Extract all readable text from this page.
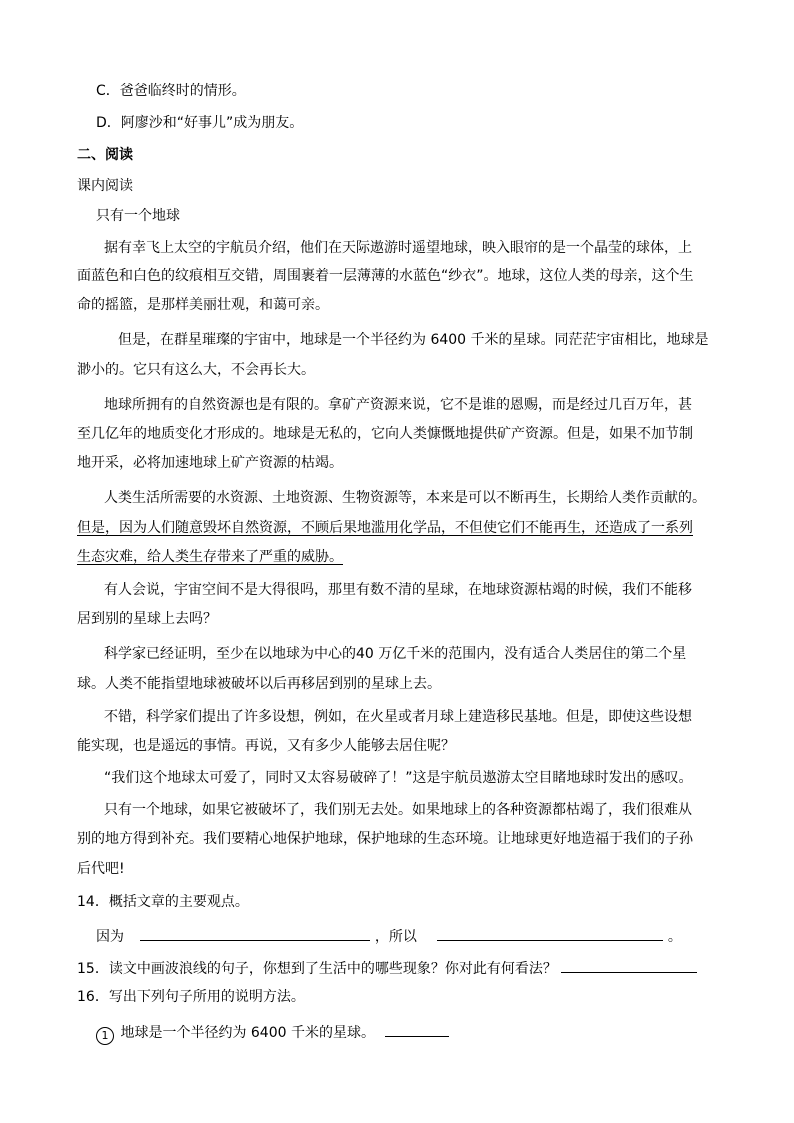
C．爸爸临终时的情形。
D．阿廖沙和“好事儿”成为朋友。
二、阅读
课内阅读
只有一个地球
据有幸飞上太空的宇航员介绍，他们在天际遨游时遥望地球，映入眼帘的是一个晶莹的球体，上
面蓝色和白色的纹痕相互交错，周围裹着一层薄薄的水蓝色“纱衣”。地球，这位人类的母亲，这个生
命的摇篮，是那样美丽壮观，和蔼可亲。
但是，在群星璀璨的宇宙中，地球是一个半径约为 6400 千米的星球。同茫茫宇宙相比，地球是
渺小的。它只有这么大，不会再长大。
地球所拥有的自然资源也是有限的。拿矿产资源来说，它不是谁的恩赐，而是经过几百万年，甚
至几亿年的地质变化才形成的。地球是无私的，它向人类慷慨地提供矿产资源。但是，如果不加节制
地开采，必将加速地球上矿产资源的枯竭。
人类生活所需要的水资源、土地资源、生物资源等，本来是可以不断再生，长期给人类作贡献的。
但是，因为人们随意毁坏自然资源，不顾后果地滥用化学品，不但使它们不能再生，还造成了一系列
生态灾难，给人类生存带来了严重的威胁。
有人会说，宇宙空间不是大得很吗，那里有数不清的星球，在地球资源枯竭的时候，我们不能移
居到别的星球上去吗？
科学家已经证明，至少在以地球为中心的40 万亿千米的范围内，没有适合人类居住的第二个星
球。人类不能指望地球被破坏以后再移居到别的星球上去。
不错，科学家们提出了许多设想，例如，在火星或者月球上建造移民基地。但是，即使这些设想
能实现，也是遥远的事情。再说，又有多少人能够去居住呢？
“我们这个地球太可爱了，同时又太容易破碎了！”这是宇航员遨游太空目睹地球时发出的感叹。
只有一个地球，如果它被破坏了，我们别无去处。如果地球上的各种资源都枯竭了，我们很难从
别的地方得到补充。我们要精心地保护地球，保护地球的生态环境。让地球更好地造福于我们的子孙
后代吧!
14．概括文章的主要观点。
因为	，所以	。
15．读文中画波浪线的句子，你想到了生活中的哪些现象？你对此有何看法？
16．写出下列句子所用的说明方法。
1 地球是一个半径约为 6400 千米的星球。
